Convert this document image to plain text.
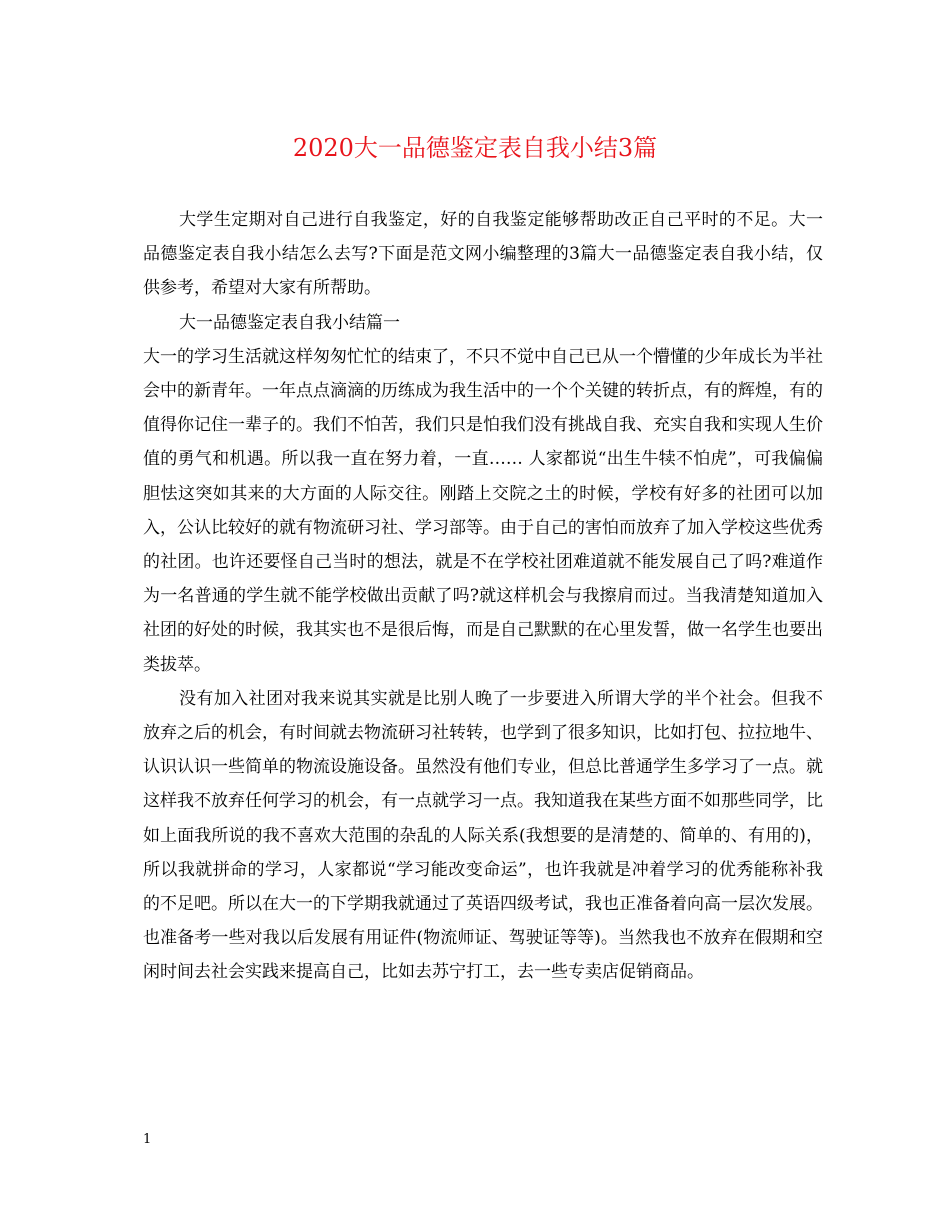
2020大一品德鉴定表自我小结3篇

大学生定期对自己进行自我鉴定，好的自我鉴定能够帮助改正自己平时的不足。大一品德鉴定表自我小结怎么去写?下面是范文网小编整理的3篇大一品德鉴定表自我小结，仅供参考，希望对大家有所帮助。

大一品德鉴定表自我小结篇一

大一的学习生活就这样匆匆忙忙的结束了，不只不觉中自己已从一个懵懂的少年成长为半社会中的新青年。一年点点滴滴的历练成为我生活中的一个个关键的转折点，有的辉煌，有的值得你记住一辈子的。我们不怕苦，我们只是怕我们没有挑战自我、充实自我和实现人生价值的勇气和机遇。所以我一直在努力着，一直…… 人家都说“出生牛犊不怕虎”，可我偏偏胆怯这突如其来的大方面的人际交往。刚踏上交院之土的时候，学校有好多的社团可以加入，公认比较好的就有物流研习社、学习部等。由于自己的害怕而放弃了加入学校这些优秀的社团。也许还要怪自己当时的想法，就是不在学校社团难道就不能发展自己了吗?难道作为一名普通的学生就不能学校做出贡献了吗?就这样机会与我擦肩而过。当我清楚知道加入社团的好处的时候，我其实也不是很后悔，而是自己默默的在心里发誓，做一名学生也要出类拔萃。

没有加入社团对我来说其实就是比别人晚了一步要进入所谓大学的半个社会。但我不放弃之后的机会，有时间就去物流研习社转转，也学到了很多知识，比如打包、拉拉地牛、认识认识一些简单的物流设施设备。虽然没有他们专业，但总比普通学生多学习了一点。就这样我不放弃任何学习的机会，有一点就学习一点。我知道我在某些方面不如那些同学，比如上面我所说的我不喜欢大范围的杂乱的人际关系(我想要的是清楚的、简单的、有用的)，所以我就拼命的学习，人家都说“学习能改变命运”，也许我就是冲着学习的优秀能称补我的不足吧。所以在大一的下学期我就通过了英语四级考试，我也正准备着向高一层次发展。也准备考一些对我以后发展有用证件(物流师证、驾驶证等等)。当然我也不放弃在假期和空闲时间去社会实践来提高自己，比如去苏宁打工，去一些专卖店促销商品。

1
